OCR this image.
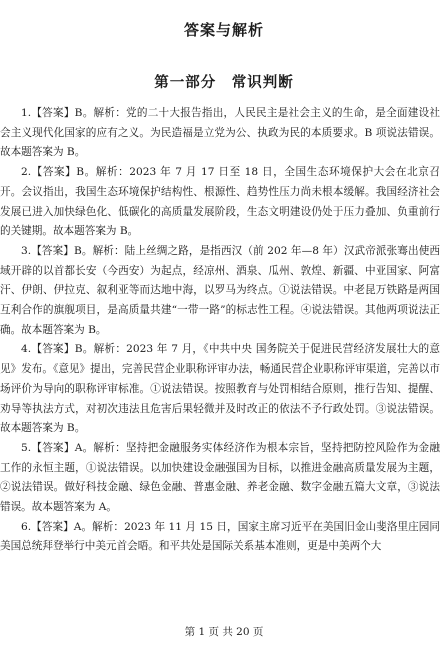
答案与解析
第一部分　常识判断

1.【答案】B。解析：党的二十大报告指出，人民民主是社会主义的生命，是全面建设社会主义现代化国家的应有之义。为民造福是立党为公、执政为民的本质要求。B 项说法错误。故本题答案为 B。

2.【答案】B。解析：2023 年 7 月 17 日至 18 日，全国生态环境保护大会在北京召开。会议指出，我国生态环境保护结构性、根源性、趋势性压力尚未根本缓解。我国经济社会发展已进入加快绿色化、低碳化的高质量发展阶段，生态文明建设仍处于压力叠加、负重前行的关键期。故本题答案为 B。

3.【答案】B。解析：陆上丝绸之路，是指西汉（前 202 年—8 年）汉武帝派张骞出使西域开辟的以首都长安（今西安）为起点，经凉州、酒泉、瓜州、敦煌、新疆、中亚国家、阿富汗、伊朗、伊拉克、叙利亚等而达地中海，以罗马为终点。①说法错误。中老昆万铁路是两国互利合作的旗舰项目，是高质量共建“一带一路”的标志性工程。④说法错误。其他两项说法正确。故本题答案为 B。

4.【答案】B。解析：2023 年 7 月，《中共中央 国务院关于促进民营经济发展壮大的意见》发布。《意见》提出，完善民营企业职称评审办法，畅通民营企业职称评审渠道，完善以市场评价为导向的职称评审标准。①说法错误。按照教育与处罚相结合原则，推行告知、提醒、劝导等执法方式，对初次违法且危害后果轻微并及时改正的依法不予行政处罚。③说法错误。故本题答案为 B。

5.【答案】A。解析：坚持把金融服务实体经济作为根本宗旨，坚持把防控风险作为金融工作的永恒主题，①说法错误。以加快建设金融强国为目标，以推进金融高质量发展为主题，②说法错误。做好科技金融、绿色金融、普惠金融、养老金融、数字金融五篇大文章，③说法错误。故本题答案为 A。

6.【答案】A。解析：2023 年 11 月 15 日，国家主席习近平在美国旧金山斐洛里庄园同美国总统拜登举行中美元首会晤。和平共处是国际关系基本准则，更是中美两个大

第 1 页 共 20 页
